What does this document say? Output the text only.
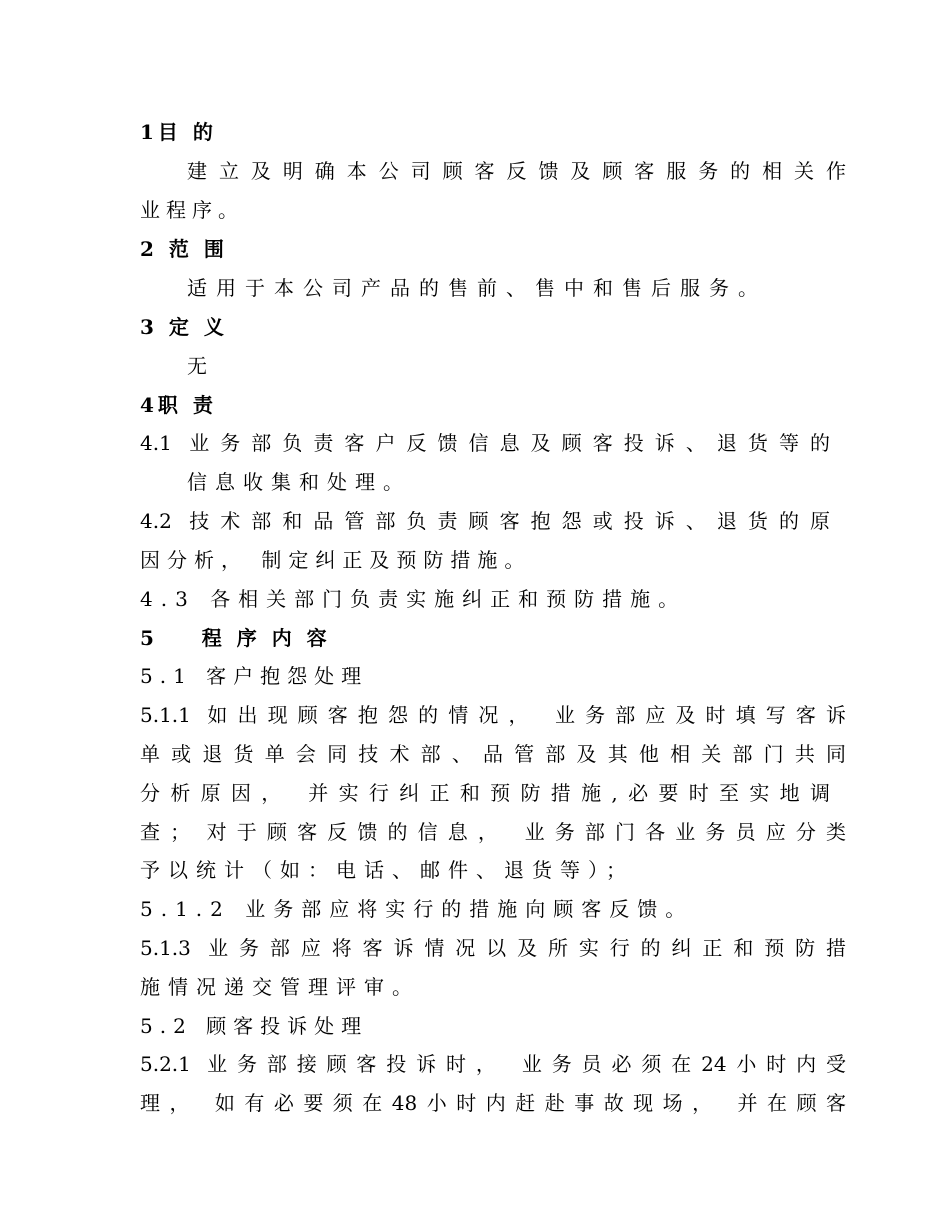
1目 的
建立及明确本公司顾客反馈及顾客服务的相关作
业程序。
2 范 围
适用于本公司产品的售前、售中和售后服务。
3 定 义
无
4职 责
4.1 业务部负责客户反馈信息及顾客投诉、退货等的
信息收集和处理。
4.2 技术部和品管部负责顾客抱怨或投诉、退货的原
因分析， 制定纠正及预防措施。
4.3 各相关部门负责实施纠正和预防措施。
5    程 序 内 容
5.1 客户抱怨处理
5.1.1 如出现顾客抱怨的情况， 业务部应及时填写客诉
单或退货单会同技术部、品管部及其他相关部门共同
分析原因， 并实行纠正和预防措施,必要时至实地调
查； 对于顾客反馈的信息， 业务部门各业务员应分类
予以统计（如：电话、邮件、退货等）；
5.1.2 业务部应将实行的措施向顾客反馈。
5.1.3 业务部应将客诉情况以及所实行的纠正和预防措
施情况递交管理评审。
5.2 顾客投诉处理
5.2.1 业务部接顾客投诉时， 业务员必须在24小时内受
理， 如有必要须在48小时内赶赴事故现场， 并在顾客
